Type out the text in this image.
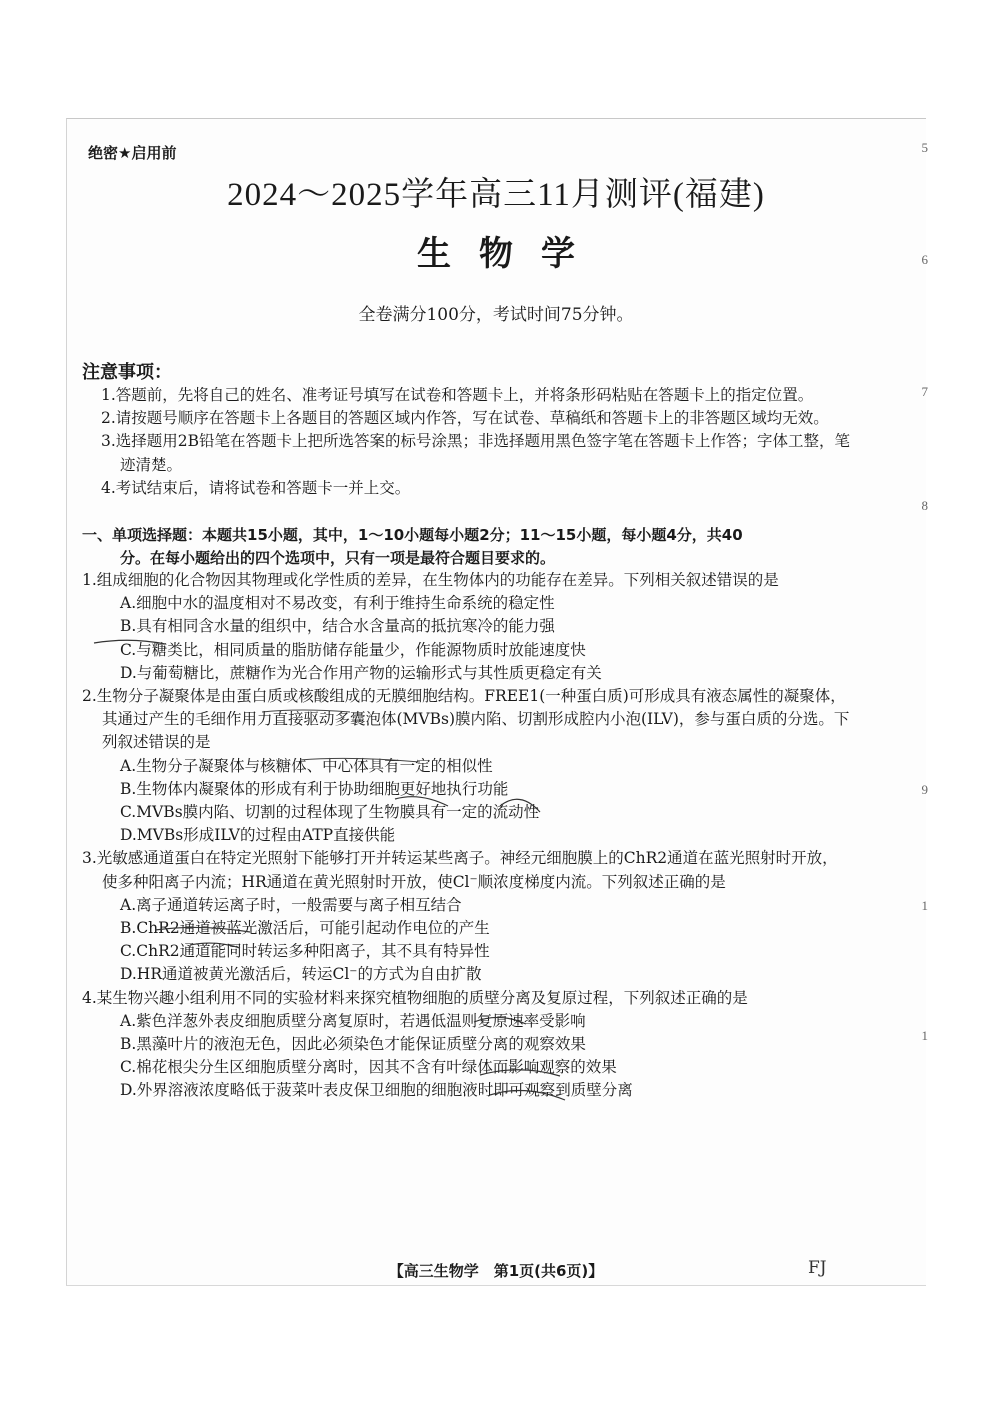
绝密★启用前
2024～2025学年高三11月测评(福建)
生物学
全卷满分100分，考试时间75分钟。
注意事项：

1.答题前，先将自己的姓名、准考证号填写在试卷和答题卡上，并将条形码粘贴在答题卡上的指定位置。

2.请按题号顺序在答题卡上各题目的答题区域内作答，写在试卷、草稿纸和答题卡上的非答题区域均无效。

3.选择题用2B铅笔在答题卡上把所选答案的标号涂黑；非选择题用黑色签字笔在答题卡上作答；字体工整，笔迹清楚。

4.考试结束后，请将试卷和答题卡一并上交。

一、单项选择题：本题共15小题，其中，1～10小题每小题2分；11～15小题，每小题4分，共40
分。在每小题给出的四个选项中，只有一项是最符合题目要求的。

1.组成细胞的化合物因其物理或化学性质的差异，在生物体内的功能存在差异。下列相关叙述错误的是

A.细胞中水的温度相对不易改变，有利于维持生命系统的稳定性

B.具有相同含水量的组织中，结合水含量高的抵抗寒冷的能力强

C.与糖类比，相同质量的脂肪储存能量少，作能源物质时放能速度快

D.与葡萄糖比，蔗糖作为光合作用产物的运输形式与其性质更稳定有关

2.生物分子凝聚体是由蛋白质或核酸组成的无膜细胞结构。FREE1(一种蛋白质)可形成具有液态属性的凝聚体，其通过产生的毛细作用力直接驱动多囊泡体(MVBs)膜内陷、切割形成腔内小泡(ILV)，参与蛋白质的分选。下列叙述错误的是

A.生物分子凝聚体与核糖体、中心体具有一定的相似性

B.生物体内凝聚体的形成有利于协助细胞更好地执行功能

C.MVBs膜内陷、切割的过程体现了生物膜具有一定的流动性

D.MVBs形成ILV的过程由ATP直接供能

3.光敏感通道蛋白在特定光照射下能够打开并转运某些离子。神经元细胞膜上的ChR2通道在蓝光照射时开放，使多种阳离子内流；HR通道在黄光照射时开放，使Cl⁻顺浓度梯度内流。下列叙述正确的是

A.离子通道转运离子时，一般需要与离子相互结合

B.ChR2通道被蓝光激活后，可能引起动作电位的产生

C.ChR2通道能同时转运多种阳离子，其不具有特异性

D.HR通道被黄光激活后，转运Cl⁻的方式为自由扩散

4.某生物兴趣小组利用不同的实验材料来探究植物细胞的质壁分离及复原过程，下列叙述正确的是

A.紫色洋葱外表皮细胞质壁分离复原时，若遇低温则复原速率受影响

B.黑藻叶片的液泡无色，因此必须染色才能保证质壁分离的观察效果

C.棉花根尖分生区细胞质壁分离时，因其不含有叶绿体而影响观察的效果

D.外界溶液浓度略低于菠菜叶表皮保卫细胞的细胞液时即可观察到质壁分离

【高三生物学　第1页(共6页)】	FJ
5
6
7
8
9
1
1
